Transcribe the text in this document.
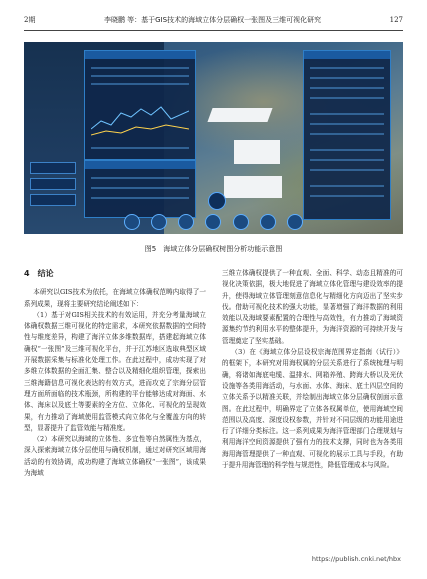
2期	李晓鹏 等：基于GIS技术的海域立体分层确权一张图及三维可视化研究	127
图5　海域立体分层确权树图分析功能示意图

4　结论

本研究以GIS技术为依托，在海域立体确权范畴内取得了一系列成果，现将主要研究结论阐述如下：

（1）基于对GIS相关技术的有效运用，并充分考量海域立体确权数据三维可视化的特定需求，本研究依据数据的空间特性与维度差异，构建了海洋立体多维数据库，搭建起海域立体确权“一张图”及三维可视化平台，并于江苏地区选取典型区域开展数据采集与标准化处理工作。在此过程中，成功实现了对多维立体数据的全面汇集、整合以及精细化组织管理，探索出三维海籍信息可视化表达的有效方式，进而攻克了宗海分层管理方面所面临的技术瓶颈，所构建的平台能够达成对海面、水体、海床以及底土等要素的全方位、立体化、可视化的呈现效果，有力推动了海域使用监管模式向立体化与全覆盖方向的转型，显著提升了监管效能与精准度。

（2）本研究以海域的立体性、多宜性等自然属性为基点，深入探索海域立体分层使用与确权机制，通过对研究区域用海活动的有效协调，成功构建了海域立体确权“一张图”，该成果为海域

三维立体确权提供了一种直观、全面、科学、动态且精准的可视化决策依据，极大地促进了海域立体化管理与建设效率的提升，使得海域立体管理刻意信息化与精细化方向迈出了坚实步伐。借助可视化技术的强大功能，显著增强了海洋数据的利用效能以及海域要素配置的合理性与高效性，有力推动了海域资源集约节约利用水平的整体提升，为海洋资源的可持续开发与管理奠定了坚实基础。

（3）在《海域立体分层设权宗海范围界定指南（试行）》的框架下，本研究对用海权属的分层关系进行了系统梳理与明确，将诸如海底电缆、温排水、网箱养殖、跨海大桥以及光伏设施等各类用海活动，与水面、水体、海床、底土四层空间的立体关系予以精准关联，并绘制出海域立体分层确权剖面示意图。在此过程中，明确界定了立体各权属单位，使用海域空间范围以及高度、深度设权参数，并针对不同层级的功能用途进行了详细分类标注。这一系列成果为海洋管理部门合理规划与利用海洋空间资源提供了强有力的技术支撑，同时也为各类用海用海管理提供了一种直观、可视化的展示工具与手段，有助于提升用海管理的科学性与规范性，降低管理成本与风险。

https://publish.cnki.net/hbx
